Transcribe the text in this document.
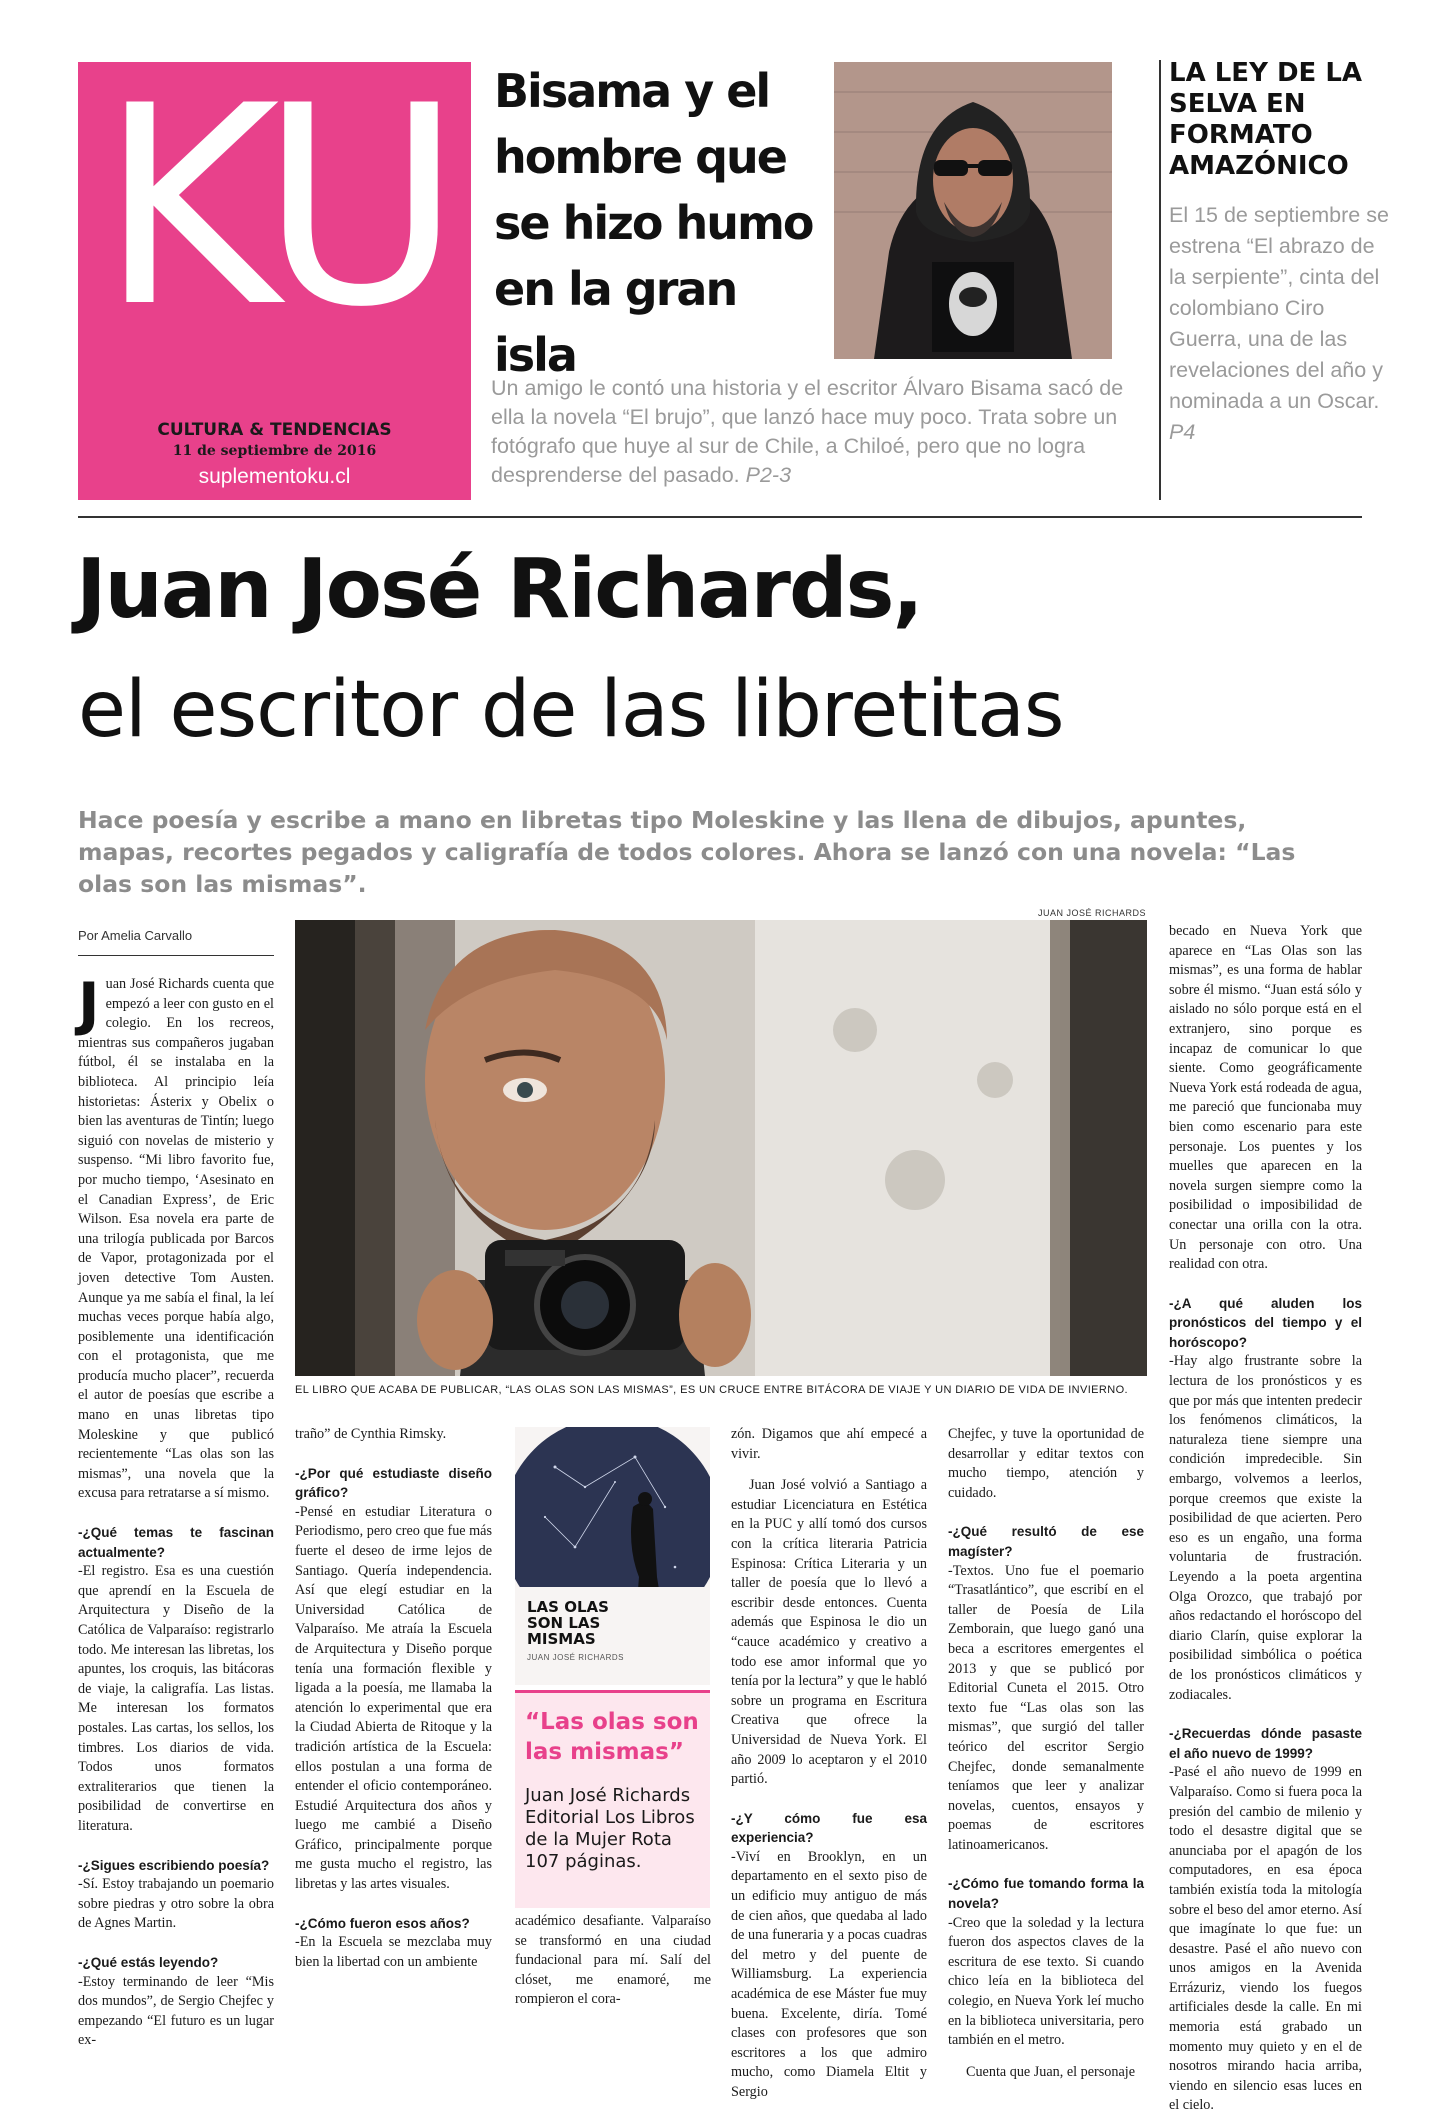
KU
CULTURA & TENDENCIAS
11 de septiembre de 2016
suplementoku.cl
Bisama y el hombre que se hizo humo en la gran isla
Un amigo le contó una historia y el escritor Álvaro Bisama sacó de ella la novela “El brujo”, que lanzó hace muy poco. Trata sobre un fotógrafo que huye al sur de Chile, a Chiloé, pero que no logra desprenderse del pasado. P2-3
LA LEY DE LA SELVA EN FORMATO AMAZÓNICO
El 15 de septiembre se estrena “El abrazo de la serpiente”, cinta del colombiano Ciro Guerra, una de las revelaciones del año y nominada a un Oscar. P4
Juan José Richards,
el escritor de las libretitas
Hace poesía y escribe a mano en libretas tipo Moleskine y las llena de dibujos, apuntes, mapas, recortes pegados y caligrafía de todos colores. Ahora se lanzó con una novela: “Las olas son las mismas”.
Por Amelia Carvallo

Juan José Richards cuenta que empezó a leer con gusto en el colegio. En los recreos, mientras sus compañeros jugaban fútbol, él se instalaba en la biblioteca. Al principio leía historietas: Ásterix y Obelix o bien las aventuras de Tintín; luego siguió con novelas de misterio y suspenso. “Mi libro favorito fue, por mucho tiempo, ‘Asesinato en el Canadian Express’, de Eric Wilson. Esa novela era parte de una trilogía publicada por Barcos de Vapor, protagonizada por el joven detective Tom Austen. Aunque ya me sabía el final, la leí muchas veces porque había algo, posiblemente una identificación con el protagonista, que me producía mucho placer”, recuerda el autor de poesías que escribe a mano en unas libretas tipo Moleskine y que publicó recientemente “Las olas son las mismas”, una novela que la excusa para retratarse a sí mismo.

-¿Qué temas te fascinan actualmente?

-El registro. Esa es una cuestión que aprendí en la Escuela de Arquitectura y Diseño de la Católica de Valparaíso: registrarlo todo. Me interesan las libretas, los apuntes, los croquis, las bitácoras de viaje, la caligrafía. Las listas. Me interesan los formatos postales. Las cartas, los sellos, los timbres. Los diarios de vida. Todos unos formatos extraliterarios que tienen la posibilidad de convertirse en literatura.

-¿Sigues escribiendo poesía?

-Sí. Estoy trabajando un poemario sobre piedras y otro sobre la obra de Agnes Martin.

-¿Qué estás leyendo?

-Estoy terminando de leer “Mis dos mundos”, de Sergio Chejfec y empezando “El futuro es un lugar ex-

JUAN JOSÉ RICHARDS
EL LIBRO QUE ACABA DE PUBLICAR, “LAS OLAS SON LAS MISMAS”, ES UN CRUCE ENTRE BITÁCORA DE VIAJE Y UN DIARIO DE VIDA DE INVIERNO.

traño” de Cynthia Rimsky.

-¿Por qué estudiaste diseño gráfico?

-Pensé en estudiar Literatura o Periodismo, pero creo que fue más fuerte el deseo de irme lejos de Santiago. Quería independencia. Así que elegí estudiar en la Universidad Católica de Valparaíso. Me atraía la Escuela de Arquitectura y Diseño porque tenía una formación flexible y ligada a la poesía, me llamaba la atención lo experimental que era la Ciudad Abierta de Ritoque y la tradición artística de la Escuela: ellos postulan a una forma de entender el oficio contemporáneo. Estudié Arquitectura dos años y luego me cambié a Diseño Gráfico, principalmente porque me gusta mucho el registro, las libretas y las artes visuales.

-¿Cómo fueron esos años?

-En la Escuela se mezclaba muy bien la libertad con un ambiente

LAS OLAS SON LAS MISMAS
JUAN JOSÉ RICHARDS
“Las olas son las mismas”
Juan José Richards
Editorial Los Libros de la Mujer Rota
107 páginas.

académico desafiante. Valparaíso se transformó en una ciudad fundacional para mí. Salí del clóset, me enamoré, me rompieron el cora-

zón. Digamos que ahí empecé a vivir.

Juan José volvió a Santiago a estudiar Licenciatura en Estética en la PUC y allí tomó dos cursos con la crítica literaria Patricia Espinosa: Crítica Literaria y un taller de poesía que lo llevó a escribir desde entonces. Cuenta además que Espinosa le dio un “cauce académico y creativo a todo ese amor informal que yo tenía por la lectura” y que le habló sobre un programa en Escritura Creativa que ofrece la Universidad de Nueva York. El año 2009 lo aceptaron y el 2010 partió.

-¿Y cómo fue esa experiencia?

-Viví en Brooklyn, en un departamento en el sexto piso de un edificio muy antiguo de más de cien años, que quedaba al lado de una funeraria y a pocas cuadras del metro y del puente de Williamsburg. La experiencia académica de ese Máster fue muy buena. Excelente, diría. Tomé clases con profesores que son escritores a los que admiro mucho, como Diamela Eltit y Sergio

Chejfec, y tuve la oportunidad de desarrollar y editar textos con mucho tiempo, atención y cuidado.

-¿Qué resultó de ese magíster?

-Textos. Uno fue el poemario “Trasatlántico”, que escribí en el taller de Poesía de Lila Zemborain, que luego ganó una beca a escritores emergentes el 2013 y que se publicó por Editorial Cuneta el 2015. Otro texto fue “Las olas son las mismas”, que surgió del taller teórico del escritor Sergio Chejfec, donde semanalmente teníamos que leer y analizar novelas, cuentos, ensayos y poemas de escritores latinoamericanos.

-¿Cómo fue tomando forma la novela?

-Creo que la soledad y la lectura fueron dos aspectos claves de la escritura de ese texto. Si cuando chico leía en la biblioteca del colegio, en Nueva York leí mucho en la biblioteca universitaria, pero también en el metro.

Cuenta que Juan, el personaje

becado en Nueva York que aparece en “Las Olas son las mismas”, es una forma de hablar sobre él mismo. “Juan está sólo y aislado no sólo porque está en el extranjero, sino porque es incapaz de comunicar lo que siente. Como geográficamente Nueva York está rodeada de agua, me pareció que funcionaba muy bien como escenario para este personaje. Los puentes y los muelles que aparecen en la novela surgen siempre como la posibilidad o imposibilidad de conectar una orilla con la otra. Un personaje con otro. Una realidad con otra.

-¿A qué aluden los pronósticos del tiempo y el horóscopo?

-Hay algo frustrante sobre la lectura de los pronósticos y es que por más que intenten predecir los fenómenos climáticos, la naturaleza tiene siempre una condición impredecible. Sin embargo, volvemos a leerlos, porque creemos que existe la posibilidad de que acierten. Pero eso es un engaño, una forma voluntaria de frustración. Leyendo a la poeta argentina Olga Orozco, que trabajó por años redactando el horóscopo del diario Clarín, quise explorar la posibilidad simbólica o poética de los pronósticos climáticos y zodiacales.

-¿Recuerdas dónde pasaste el año nuevo de 1999?

-Pasé el año nuevo de 1999 en Valparaíso. Como si fuera poca la presión del cambio de milenio y todo el desastre digital que se anunciaba por el apagón de los computadores, en esa época también existía toda la mitología sobre el beso del amor eterno. Así que imagínate lo que fue: un desastre. Pasé el año nuevo con unos amigos en la Avenida Errázuriz, viendo los fuegos artificiales desde la calle. En mi memoria está grabado un momento muy quieto y en el de nosotros mirando hacia arriba, viendo en silencio esas luces en el cielo.
